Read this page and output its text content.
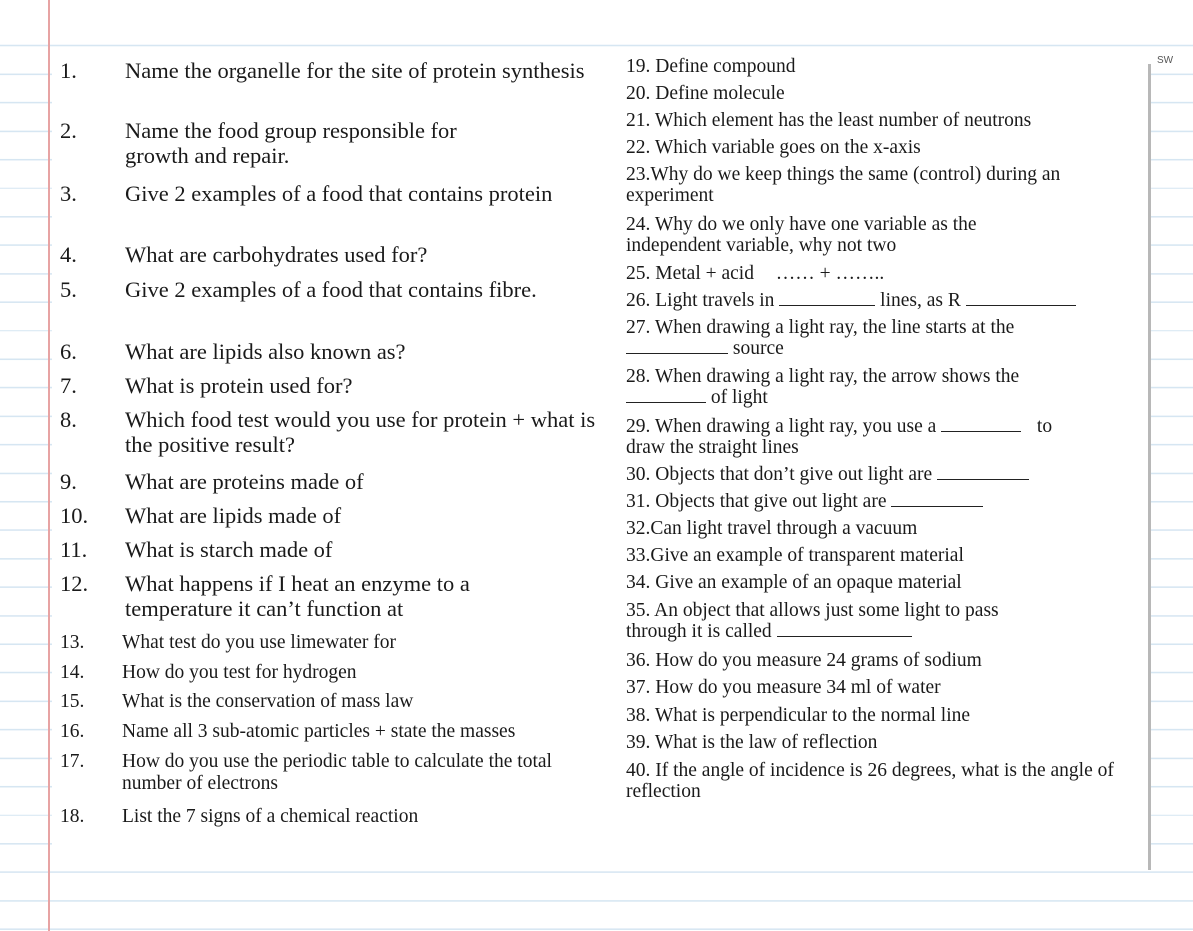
1. Name the organelle for the site of protein synthesis
2. Name the food group responsible for growth and repair.
3. Give 2 examples of a food that contains protein
4. What are carbohydrates used for?
5. Give 2 examples of a food that contains fibre.
6. What are lipids also known as?
7. What is protein used for?
8. Which food test would you use for protein + what is the positive result?
9. What are proteins made of
10. What are lipids made of
11. What is starch made of
12. What happens if I heat an enzyme to a temperature it can’t function at
13. What test do you use limewater for
14. How do you test for hydrogen
15. What is the conservation of mass law
16. Name all 3 sub-atomic particles + state the masses
17. How do you use the periodic table to calculate the total number of electrons
18. List the 7 signs of a chemical reaction
19. Define compound
20. Define molecule
21. Which element has the least number of neutrons
22. Which variable goes on the x-axis
23.Why do we keep things the same (control) during an experiment
24. Why do we only have one variable as the independent variable, why not two
25. Metal + acid …… + ……..
26. Light travels in	lines, as R
27. When drawing a light ray, the line starts at the
source
28. When drawing a light ray, the arrow shows the
of light
29. When drawing a light ray, you use a	to
draw the straight lines
30. Objects that don’t give out light are
31. Objects that give out light are
32.Can light travel through a vacuum
33.Give an example of transparent material
34. Give an example of an opaque material
35. An object that allows just some light to pass
through it is called
36. How do you measure 24 grams of sodium
37. How do you measure 34 ml of water
38. What is perpendicular to the normal line
39. What is the law of reflection
40. If the angle of incidence is 26 degrees, what is the angle of reflection
SW
